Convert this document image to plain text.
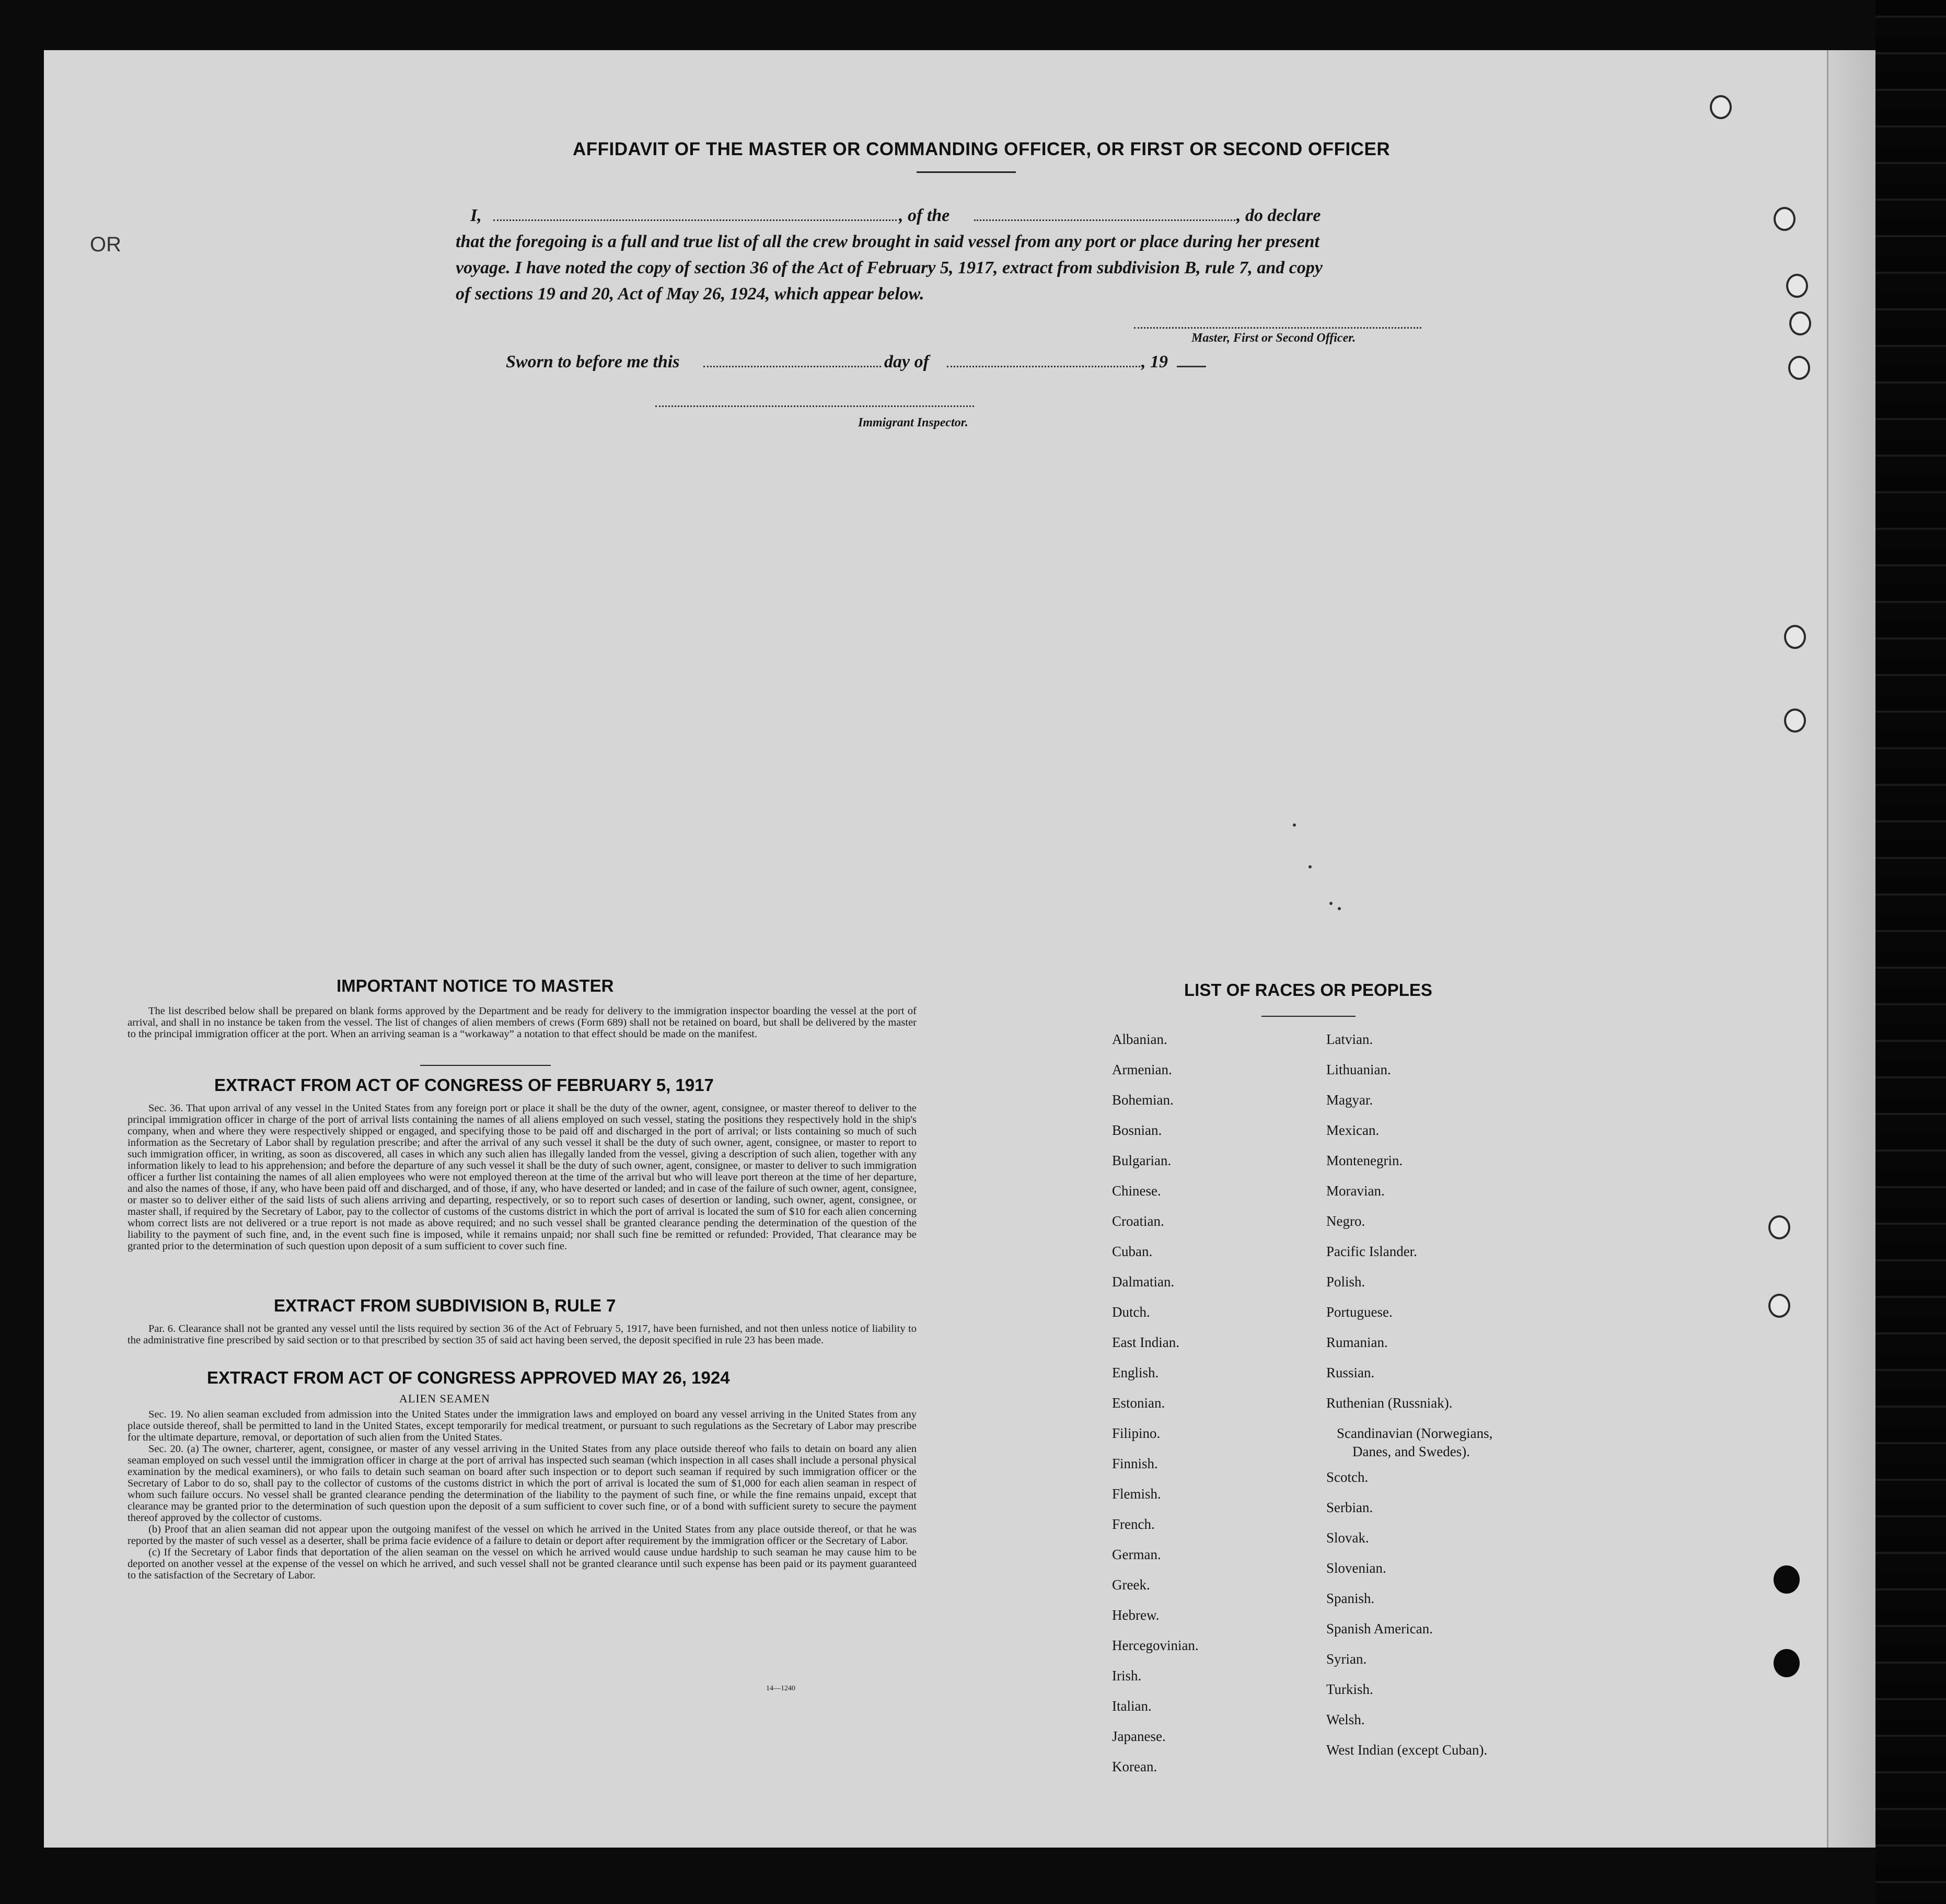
OR
AFFIDAVIT OF THE MASTER OR COMMANDING OFFICER, OR FIRST OR SECOND OFFICER
I,	, of the	, do declare
that the foregoing is a full and true list of all the crew brought in said vessel from any port or place during her present
voyage. I have noted the copy of section 36 of the Act of February 5, 1917, extract from subdivision B, rule 7, and copy
of sections 19 and 20, Act of May 26, 1924, which appear below.
Master, First or Second Officer.
Sworn to before me this	day of	, 19
Immigrant Inspector.
IMPORTANT NOTICE TO MASTER

The list described below shall be prepared on blank forms approved by the Department and be ready for delivery to the immigration inspector boarding the vessel at the port of arrival, and shall in no instance be taken from the vessel. The list of changes of alien members of crews (Form 689) shall not be retained on board, but shall be delivered by the master to the principal immigration officer at the port. When an arriving seaman is a “workaway” a notation to that effect should be made on the manifest.

EXTRACT FROM ACT OF CONGRESS OF FEBRUARY 5, 1917

Sec. 36. That upon arrival of any vessel in the United States from any foreign port or place it shall be the duty of the owner, agent, consignee, or master thereof to deliver to the principal immigration officer in charge of the port of arrival lists containing the names of all aliens employed on such vessel, stating the positions they respectively hold in the ship's company, when and where they were respectively shipped or engaged, and specifying those to be paid off and discharged in the port of arrival; or lists containing so much of such information as the Secretary of Labor shall by regulation prescribe; and after the arrival of any such vessel it shall be the duty of such owner, agent, consignee, or master to report to such immigration officer, in writing, as soon as discovered, all cases in which any such alien has illegally landed from the vessel, giving a description of such alien, together with any information likely to lead to his apprehension; and before the departure of any such vessel it shall be the duty of such owner, agent, consignee, or master to deliver to such immigration officer a further list containing the names of all alien employees who were not employed thereon at the time of the arrival but who will leave port thereon at the time of her departure, and also the names of those, if any, who have been paid off and discharged, and of those, if any, who have deserted or landed; and in case of the failure of such owner, agent, consignee, or master so to deliver either of the said lists of such aliens arriving and departing, respectively, or so to report such cases of desertion or landing, such owner, agent, consignee, or master shall, if required by the Secretary of Labor, pay to the collector of customs of the customs district in which the port of arrival is located the sum of $10 for each alien concerning whom correct lists are not delivered or a true report is not made as above required; and no such vessel shall be granted clearance pending the determination of the question of the liability to the payment of such fine, and, in the event such fine is imposed, while it remains unpaid; nor shall such fine be remitted or refunded: Provided, That clearance may be granted prior to the determination of such question upon deposit of a sum sufficient to cover such fine.

EXTRACT FROM SUBDIVISION B, RULE 7

Par. 6. Clearance shall not be granted any vessel until the lists required by section 36 of the Act of February 5, 1917, have been furnished, and not then unless notice of liability to the administrative fine prescribed by said section or to that prescribed by section 35 of said act having been served, the deposit specified in rule 23 has been made.

EXTRACT FROM ACT OF CONGRESS APPROVED MAY 26, 1924
ALIEN SEAMEN

Sec. 19. No alien seaman excluded from admission into the United States under the immigration laws and employed on board any vessel arriving in the United States from any place outside thereof, shall be permitted to land in the United States, except temporarily for medical treatment, or pursuant to such regulations as the Secretary of Labor may prescribe for the ultimate departure, removal, or deportation of such alien from the United States.

Sec. 20. (a) The owner, charterer, agent, consignee, or master of any vessel arriving in the United States from any place outside thereof who fails to detain on board any alien seaman employed on such vessel until the immigration officer in charge at the port of arrival has inspected such seaman (which inspection in all cases shall include a personal physical examination by the medical examiners), or who fails to detain such seaman on board after such inspection or to deport such seaman if required by such immigration officer or the Secretary of Labor to do so, shall pay to the collector of customs of the customs district in which the port of arrival is located the sum of $1,000 for each alien seaman in respect of whom such failure occurs. No vessel shall be granted clearance pending the determination of the liability to the payment of such fine, or while the fine remains unpaid, except that clearance may be granted prior to the determination of such question upon the deposit of a sum sufficient to cover such fine, or of a bond with sufficient surety to secure the payment thereof approved by the collector of customs.

(b) Proof that an alien seaman did not appear upon the outgoing manifest of the vessel on which he arrived in the United States from any place outside thereof, or that he was reported by the master of such vessel as a deserter, shall be prima facie evidence of a failure to detain or deport after requirement by the immigration officer or the Secretary of Labor.

(c) If the Secretary of Labor finds that deportation of the alien seaman on the vessel on which he arrived would cause undue hardship to such seaman he may cause him to be deported on another vessel at the expense of the vessel on which he arrived, and such vessel shall not be granted clearance until such expense has been paid or its payment guaranteed to the satisfaction of the Secretary of Labor.

14—1240
LIST OF RACES OR PEOPLES
Albanian.
Armenian.
Bohemian.
Bosnian.
Bulgarian.
Chinese.
Croatian.
Cuban.
Dalmatian.
Dutch.
East Indian.
English.
Estonian.
Filipino.
Finnish.
Flemish.
French.
German.
Greek.
Hebrew.
Hercegovinian.
Irish.
Italian.
Japanese.
Korean.
Latvian.
Lithuanian.
Magyar.
Mexican.
Montenegrin.
Moravian.
Negro.
Pacific Islander.
Polish.
Portuguese.
Rumanian.
Russian.
Ruthenian (Russniak).
Scandinavian (Norwegians,
Danes, and Swedes).
Scotch.
Serbian.
Slovak.
Slovenian.
Spanish.
Spanish American.
Syrian.
Turkish.
Welsh.
West Indian (except Cuban).
